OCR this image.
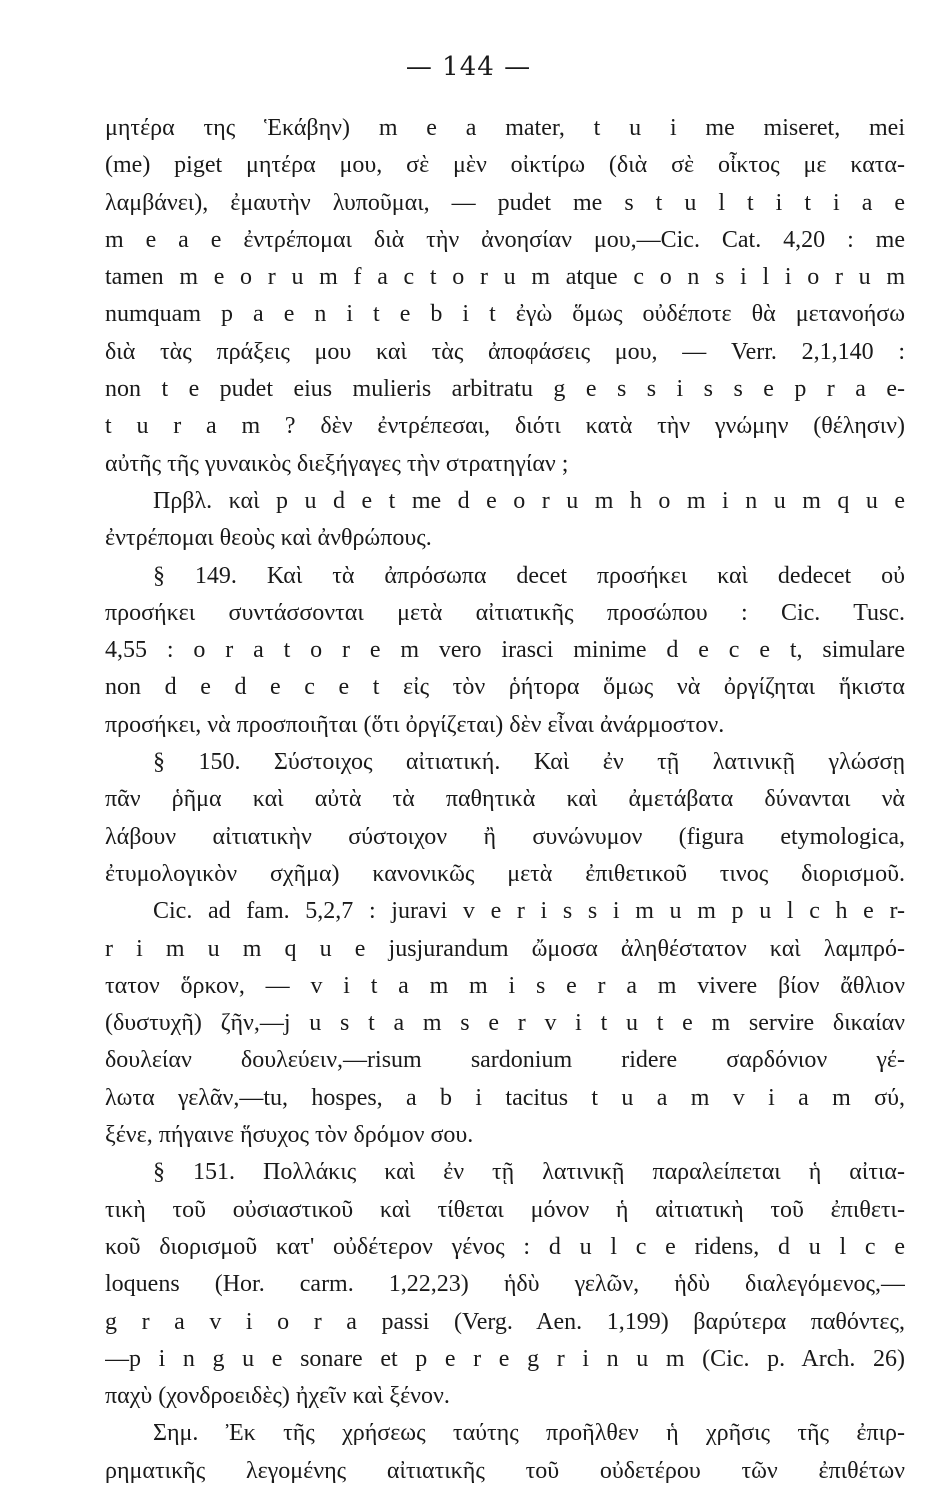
— 144 —
μητέρα της Ἑκάβην) m e a mater, t u i me miseret, mei
(me) piget μητέρα μου, σὲ μὲν οἰκτίρω (διὰ σὲ οἶκτος με κατα-
λαμβάνει), ἐμαυτὴν λυποῦμαι, — pudet me s t u l t i t i a e
m e a e ἐντρέπομαι διὰ τὴν ἀνοησίαν μου,—Cic. Cat. 4,20 : me
tamen m e o r u m f a c t o r u m atque c o n s i l i o r u m
numquam p a e n i t e b i t ἐγὼ ὅμως οὐδέποτε θὰ μετανοήσω
διὰ τὰς πράξεις μου καὶ τὰς ἀποφάσεις μου, — Verr. 2,1,140 :
non t e pudet eius mulieris arbitratu g e s s i s s e p r a e-
t u r a m ? δὲν ἐντρέπεσαι, διότι κατὰ τὴν γνώμην (θέλησιν)
αὐτῆς τῆς γυναικὸς διεξήγαγες τὴν στρατηγίαν ;
Πρβλ. καὶ p u d e t me d e o r u m h o m i n u m q u e
ἐντρέπομαι θεοὺς καὶ ἀνθρώπους.
§ 149. Καὶ τὰ ἀπρόσωπα decet προσήκει καὶ dedecet οὐ
προσήκει συντάσσονται μετὰ αἰτιατικῆς προσώπου : Cic. Tusc.
4,55 : o r a t o r e m vero irasci minime d e c e t, simulare
non d e d e c e t εἰς τὸν ῥήτορα ὅμως νὰ ὀργίζηται ἥκιστα
προσήκει, νὰ προσποιῆται (ὅτι ὀργίζεται) δὲν εἶναι ἀνάρμοστον.
§ 150. Σύστοιχος αἰτιατική. Καὶ ἐν τῇ λατινικῇ γλώσσῃ
πᾶν ῥῆμα καὶ αὐτὰ τὰ παθητικὰ καὶ ἀμετάβατα δύνανται νὰ
λάβουν αἰτιατικὴν σύστοιχον ἢ συνώνυμον (figura etymologica,
ἐτυμολογικὸν σχῆμα) κανονικῶς μετὰ ἐπιθετικοῦ τινος διορισμοῦ.
Cic. ad fam. 5,2,7 : juravi v e r i s s i m u m p u l c h e r-
r i m u m q u e jusjurandum ὤμοσα ἀληθέστατον καὶ λαμπρό-
τατον ὅρκον, — v i t a m m i s e r a m vivere βίον ἄθλιον
(δυστυχῆ) ζῆν,—j u s t a m s e r v i t u t e m servire δικαίαν
δουλείαν δουλεύειν,—risum sardonium ridere σαρδόνιον γέ-
λωτα γελᾶν,—tu, hospes, a b i tacitus t u a m v i a m σύ,
ξένε, πήγαινε ἥσυχος τὸν δρόμον σου.
§ 151. Πολλάκις καὶ ἐν τῇ λατινικῇ παραλείπεται ἡ αἰτια-
τικὴ τοῦ οὐσιαστικοῦ καὶ τίθεται μόνον ἡ αἰτιατικὴ τοῦ ἐπιθετι-
κοῦ διορισμοῦ κατ' οὐδέτερον γένος : d u l c e ridens, d u l c e
loquens (Hor. carm. 1,22,23) ἡδὺ γελῶν, ἡδὺ διαλεγόμενος,—
g r a v i o r a passi (Verg. Aen. 1,199) βαρύτερα παθόντες,
—p i n g u e sonare et p e r e g r i n u m (Cic. p. Arch. 26)
παχὺ (χονδροειδὲς) ἠχεῖν καὶ ξένον.
Σημ. Ἐκ τῆς χρήσεως ταύτης προῆλθεν ἡ χρῆσις τῆς ἐπιρ-
ρηματικῆς λεγομένης αἰτιατικῆς τοῦ οὐδετέρου τῶν ἐπιθέτων
